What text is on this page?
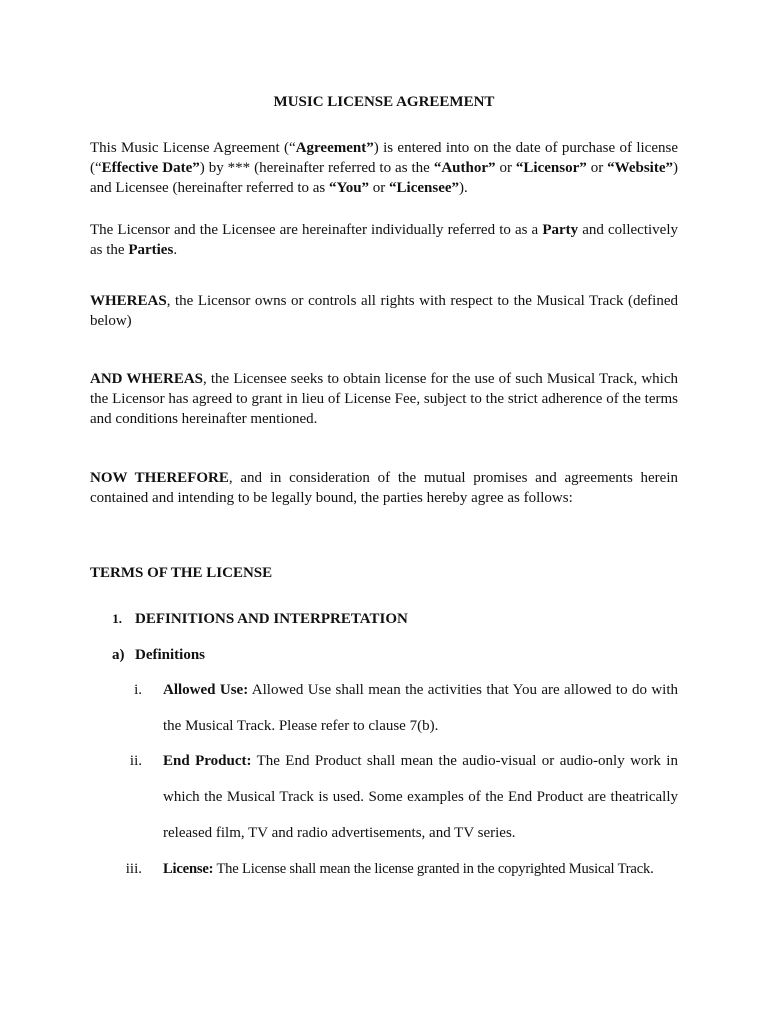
MUSIC LICENSE AGREEMENT

This Music License Agreement (“Agreement”) is entered into on the date of purchase of license (“Effective Date”) by *** (hereinafter referred to as the “Author” or “Licensor” or “Website”) and Licensee (hereinafter referred to as “You” or “Licensee”).

The Licensor and the Licensee are hereinafter individually referred to as a Party and collectively as the Parties.

WHEREAS, the Licensor owns or controls all rights with respect to the Musical Track (defined below)

AND WHEREAS, the Licensee seeks to obtain license for the use of such Musical Track, which the Licensor has agreed to grant in lieu of License Fee, subject to the strict adherence of the terms and conditions hereinafter mentioned.

NOW THEREFORE, and in consideration of the mutual promises and agreements herein contained and intending to be legally bound, the parties hereby agree as follows:

TERMS OF THE LICENSE

1. DEFINITIONS AND INTERPRETATION

a) Definitions

i. Allowed Use: Allowed Use shall mean the activities that You are allowed to do with the Musical Track. Please refer to clause 7(b).

ii. End Product: The End Product shall mean the audio-visual or audio-only work in which the Musical Track is used. Some examples of the End Product are theatrically released film, TV and radio advertisements, and TV series.

iii. License: The License shall mean the license granted in the copyrighted Musical Track.
